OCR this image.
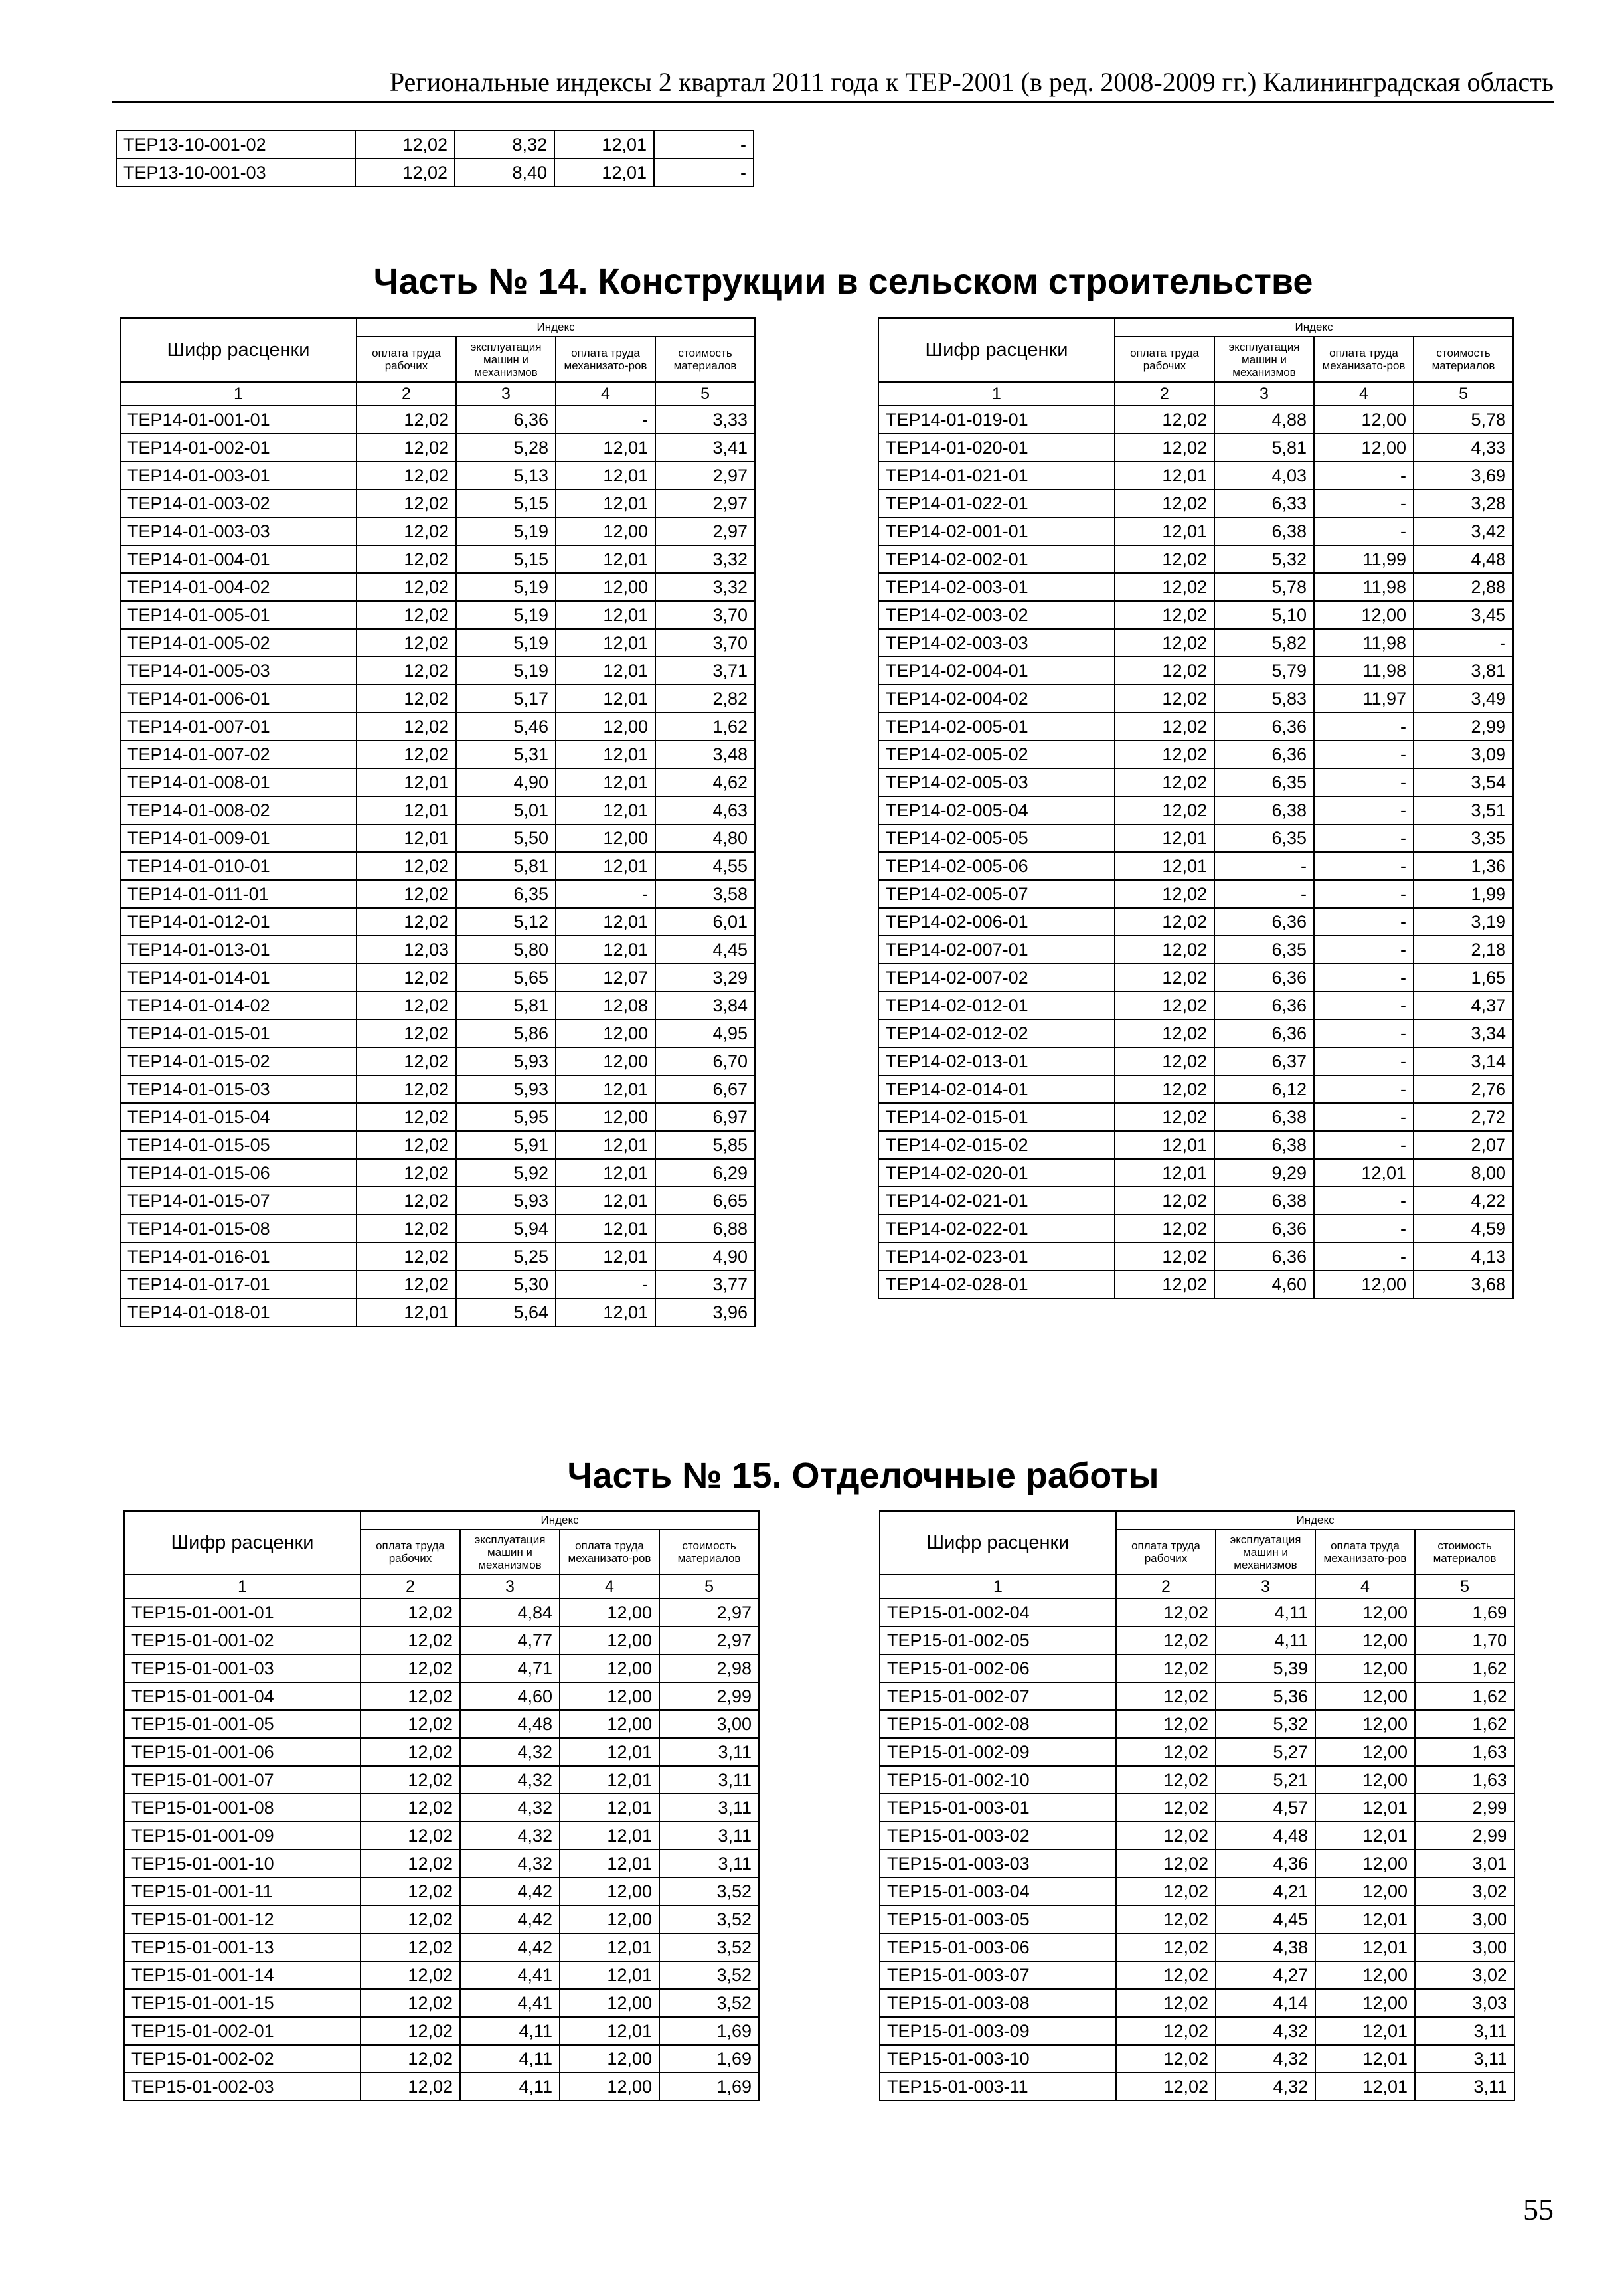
Региональные индексы 2 квартал 2011 года к ТЕР-2001 (в ред. 2008-2009 гг.) Калининградская область
ТЕР13-10-001-02	12,02	8,32	12,01	-
ТЕР13-10-001-03	12,02	8,40	12,01	-
Часть № 14. Конструкции в сельском строительстве
Шифр расценки	Индекс			
	оплата труда рабочих	эксплуатация машин и механизмов	оплата труда механизато-ров	стоимость материалов
1	2	3	4	5
ТЕР14-01-001-01	12,02	6,36	-	3,33
ТЕР14-01-002-01	12,02	5,28	12,01	3,41
ТЕР14-01-003-01	12,02	5,13	12,01	2,97
ТЕР14-01-003-02	12,02	5,15	12,01	2,97
ТЕР14-01-003-03	12,02	5,19	12,00	2,97
ТЕР14-01-004-01	12,02	5,15	12,01	3,32
ТЕР14-01-004-02	12,02	5,19	12,00	3,32
ТЕР14-01-005-01	12,02	5,19	12,01	3,70
ТЕР14-01-005-02	12,02	5,19	12,01	3,70
ТЕР14-01-005-03	12,02	5,19	12,01	3,71
ТЕР14-01-006-01	12,02	5,17	12,01	2,82
ТЕР14-01-007-01	12,02	5,46	12,00	1,62
ТЕР14-01-007-02	12,02	5,31	12,01	3,48
ТЕР14-01-008-01	12,01	4,90	12,01	4,62
ТЕР14-01-008-02	12,01	5,01	12,01	4,63
ТЕР14-01-009-01	12,01	5,50	12,00	4,80
ТЕР14-01-010-01	12,02	5,81	12,01	4,55
ТЕР14-01-011-01	12,02	6,35	-	3,58
ТЕР14-01-012-01	12,02	5,12	12,01	6,01
ТЕР14-01-013-01	12,03	5,80	12,01	4,45
ТЕР14-01-014-01	12,02	5,65	12,07	3,29
ТЕР14-01-014-02	12,02	5,81	12,08	3,84
ТЕР14-01-015-01	12,02	5,86	12,00	4,95
ТЕР14-01-015-02	12,02	5,93	12,00	6,70
ТЕР14-01-015-03	12,02	5,93	12,01	6,67
ТЕР14-01-015-04	12,02	5,95	12,00	6,97
ТЕР14-01-015-05	12,02	5,91	12,01	5,85
ТЕР14-01-015-06	12,02	5,92	12,01	6,29
ТЕР14-01-015-07	12,02	5,93	12,01	6,65
ТЕР14-01-015-08	12,02	5,94	12,01	6,88
ТЕР14-01-016-01	12,02	5,25	12,01	4,90
ТЕР14-01-017-01	12,02	5,30	-	3,77
ТЕР14-01-018-01	12,01	5,64	12,01	3,96
Шифр расценки	Индекс			
	оплата труда рабочих	эксплуатация машин и механизмов	оплата труда механизато-ров	стоимость материалов
1	2	3	4	5
ТЕР14-01-019-01	12,02	4,88	12,00	5,78
ТЕР14-01-020-01	12,02	5,81	12,00	4,33
ТЕР14-01-021-01	12,01	4,03	-	3,69
ТЕР14-01-022-01	12,02	6,33	-	3,28
ТЕР14-02-001-01	12,01	6,38	-	3,42
ТЕР14-02-002-01	12,02	5,32	11,99	4,48
ТЕР14-02-003-01	12,02	5,78	11,98	2,88
ТЕР14-02-003-02	12,02	5,10	12,00	3,45
ТЕР14-02-003-03	12,02	5,82	11,98	-
ТЕР14-02-004-01	12,02	5,79	11,98	3,81
ТЕР14-02-004-02	12,02	5,83	11,97	3,49
ТЕР14-02-005-01	12,02	6,36	-	2,99
ТЕР14-02-005-02	12,02	6,36	-	3,09
ТЕР14-02-005-03	12,02	6,35	-	3,54
ТЕР14-02-005-04	12,02	6,38	-	3,51
ТЕР14-02-005-05	12,01	6,35	-	3,35
ТЕР14-02-005-06	12,01	-	-	1,36
ТЕР14-02-005-07	12,02	-	-	1,99
ТЕР14-02-006-01	12,02	6,36	-	3,19
ТЕР14-02-007-01	12,02	6,35	-	2,18
ТЕР14-02-007-02	12,02	6,36	-	1,65
ТЕР14-02-012-01	12,02	6,36	-	4,37
ТЕР14-02-012-02	12,02	6,36	-	3,34
ТЕР14-02-013-01	12,02	6,37	-	3,14
ТЕР14-02-014-01	12,02	6,12	-	2,76
ТЕР14-02-015-01	12,02	6,38	-	2,72
ТЕР14-02-015-02	12,01	6,38	-	2,07
ТЕР14-02-020-01	12,01	9,29	12,01	8,00
ТЕР14-02-021-01	12,02	6,38	-	4,22
ТЕР14-02-022-01	12,02	6,36	-	4,59
ТЕР14-02-023-01	12,02	6,36	-	4,13
ТЕР14-02-028-01	12,02	4,60	12,00	3,68
Часть № 15. Отделочные работы
Шифр расценки	Индекс			
	оплата труда рабочих	эксплуатация машин и механизмов	оплата труда механизато-ров	стоимость материалов
1	2	3	4	5
ТЕР15-01-001-01	12,02	4,84	12,00	2,97
ТЕР15-01-001-02	12,02	4,77	12,00	2,97
ТЕР15-01-001-03	12,02	4,71	12,00	2,98
ТЕР15-01-001-04	12,02	4,60	12,00	2,99
ТЕР15-01-001-05	12,02	4,48	12,00	3,00
ТЕР15-01-001-06	12,02	4,32	12,01	3,11
ТЕР15-01-001-07	12,02	4,32	12,01	3,11
ТЕР15-01-001-08	12,02	4,32	12,01	3,11
ТЕР15-01-001-09	12,02	4,32	12,01	3,11
ТЕР15-01-001-10	12,02	4,32	12,01	3,11
ТЕР15-01-001-11	12,02	4,42	12,00	3,52
ТЕР15-01-001-12	12,02	4,42	12,00	3,52
ТЕР15-01-001-13	12,02	4,42	12,01	3,52
ТЕР15-01-001-14	12,02	4,41	12,01	3,52
ТЕР15-01-001-15	12,02	4,41	12,00	3,52
ТЕР15-01-002-01	12,02	4,11	12,01	1,69
ТЕР15-01-002-02	12,02	4,11	12,00	1,69
ТЕР15-01-002-03	12,02	4,11	12,00	1,69
Шифр расценки	Индекс			
	оплата труда рабочих	эксплуатация машин и механизмов	оплата труда механизато-ров	стоимость материалов
1	2	3	4	5
ТЕР15-01-002-04	12,02	4,11	12,00	1,69
ТЕР15-01-002-05	12,02	4,11	12,00	1,70
ТЕР15-01-002-06	12,02	5,39	12,00	1,62
ТЕР15-01-002-07	12,02	5,36	12,00	1,62
ТЕР15-01-002-08	12,02	5,32	12,00	1,62
ТЕР15-01-002-09	12,02	5,27	12,00	1,63
ТЕР15-01-002-10	12,02	5,21	12,00	1,63
ТЕР15-01-003-01	12,02	4,57	12,01	2,99
ТЕР15-01-003-02	12,02	4,48	12,01	2,99
ТЕР15-01-003-03	12,02	4,36	12,00	3,01
ТЕР15-01-003-04	12,02	4,21	12,00	3,02
ТЕР15-01-003-05	12,02	4,45	12,01	3,00
ТЕР15-01-003-06	12,02	4,38	12,01	3,00
ТЕР15-01-003-07	12,02	4,27	12,00	3,02
ТЕР15-01-003-08	12,02	4,14	12,00	3,03
ТЕР15-01-003-09	12,02	4,32	12,01	3,11
ТЕР15-01-003-10	12,02	4,32	12,01	3,11
ТЕР15-01-003-11	12,02	4,32	12,01	3,11
55
